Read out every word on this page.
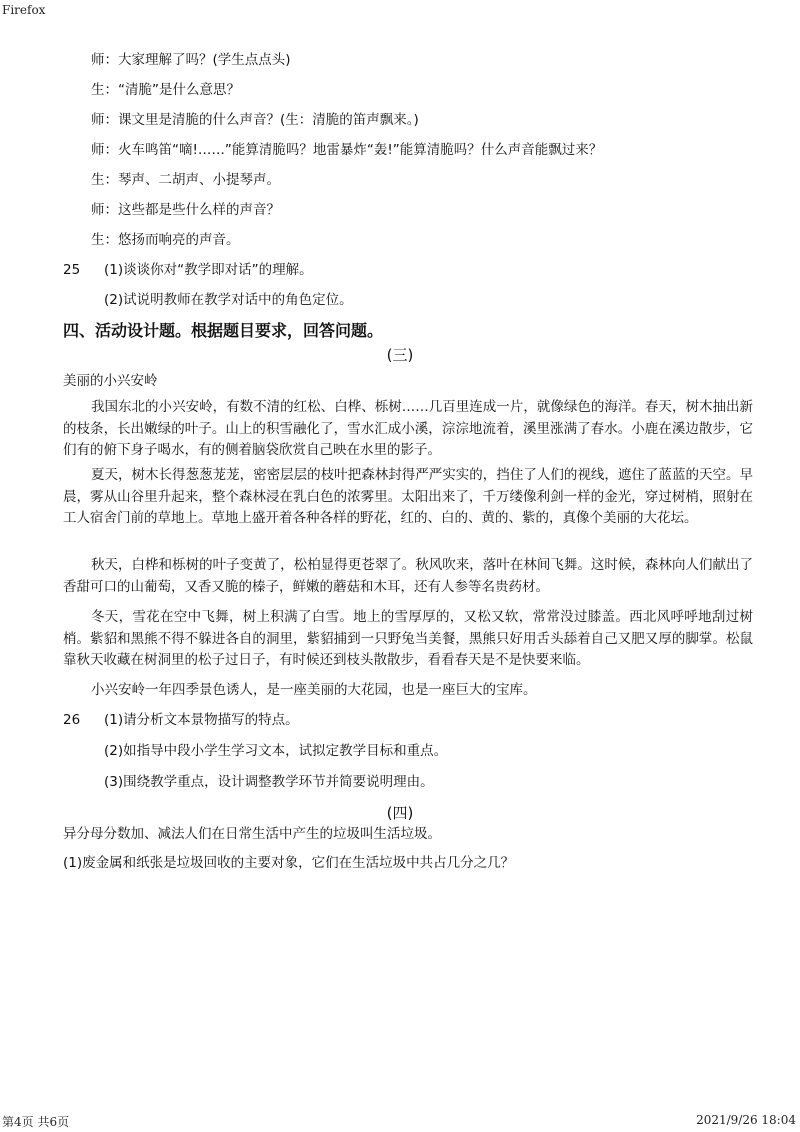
Firefox
师：大家理解了吗？(学生点点头)
生：“清脆”是什么意思？
师：课文里是清脆的什么声音？(生：清脆的笛声飘来。)
师：火车鸣笛“嘀!……”能算清脆吗？地雷暴炸“轰!”能算清脆吗？什么声音能飘过来？
生：琴声、二胡声、小提琴声。
师：这些都是些什么样的声音？
生：悠扬而响亮的声音。
25 (1)谈谈你对“教学即对话”的理解。
(2)试说明教师在教学对话中的角色定位。
四、活动设计题。根据题目要求，回答问题。
(三)
美丽的小兴安岭
我国东北的小兴安岭，有数不清的红松、白桦、栎树……几百里连成一片，就像绿色的海洋。春天，树木抽出新的枝条，长出嫩绿的叶子。山上的积雪融化了，雪水汇成小溪，淙淙地流着，溪里涨满了春水。小鹿在溪边散步，它们有的俯下身子喝水，有的侧着脑袋欣赏自己映在水里的影子。
夏天，树木长得葱葱茏茏，密密层层的枝叶把森林封得严严实实的，挡住了人们的视线，遮住了蓝蓝的天空。早晨，雾从山谷里升起来，整个森林浸在乳白色的浓雾里。太阳出来了，千万缕像利剑一样的金光，穿过树梢，照射在工人宿舍门前的草地上。草地上盛开着各种各样的野花，红的、白的、黄的、紫的，真像个美丽的大花坛。
秋天，白桦和栎树的叶子变黄了，松柏显得更苍翠了。秋风吹来，落叶在林间飞舞。这时候，森林向人们献出了香甜可口的山葡萄，又香又脆的榛子，鲜嫩的蘑菇和木耳，还有人参等名贵药材。
冬天，雪花在空中飞舞，树上积满了白雪。地上的雪厚厚的，又松又软，常常没过膝盖。西北风呼呼地刮过树梢。紫貂和黑熊不得不躲进各自的洞里，紫貂捕到一只野兔当美餐，黑熊只好用舌头舔着自己又肥又厚的脚掌。松鼠靠秋天收藏在树洞里的松子过日子，有时候还到枝头散散步，看看春天是不是快要来临。
小兴安岭一年四季景色诱人，是一座美丽的大花园，也是一座巨大的宝库。
26 (1)请分析文本景物描写的特点。
(2)如指导中段小学生学习文本，试拟定教学目标和重点。
(3)围绕教学重点，设计调整教学环节并简要说明理由。
(四)
异分母分数加、减法人们在日常生活中产生的垃圾叫生活垃圾。
(1)废金属和纸张是垃圾回收的主要对象，它们在生活垃圾中共占几分之几？
第4页 共6页	2021/9/26 18:04
